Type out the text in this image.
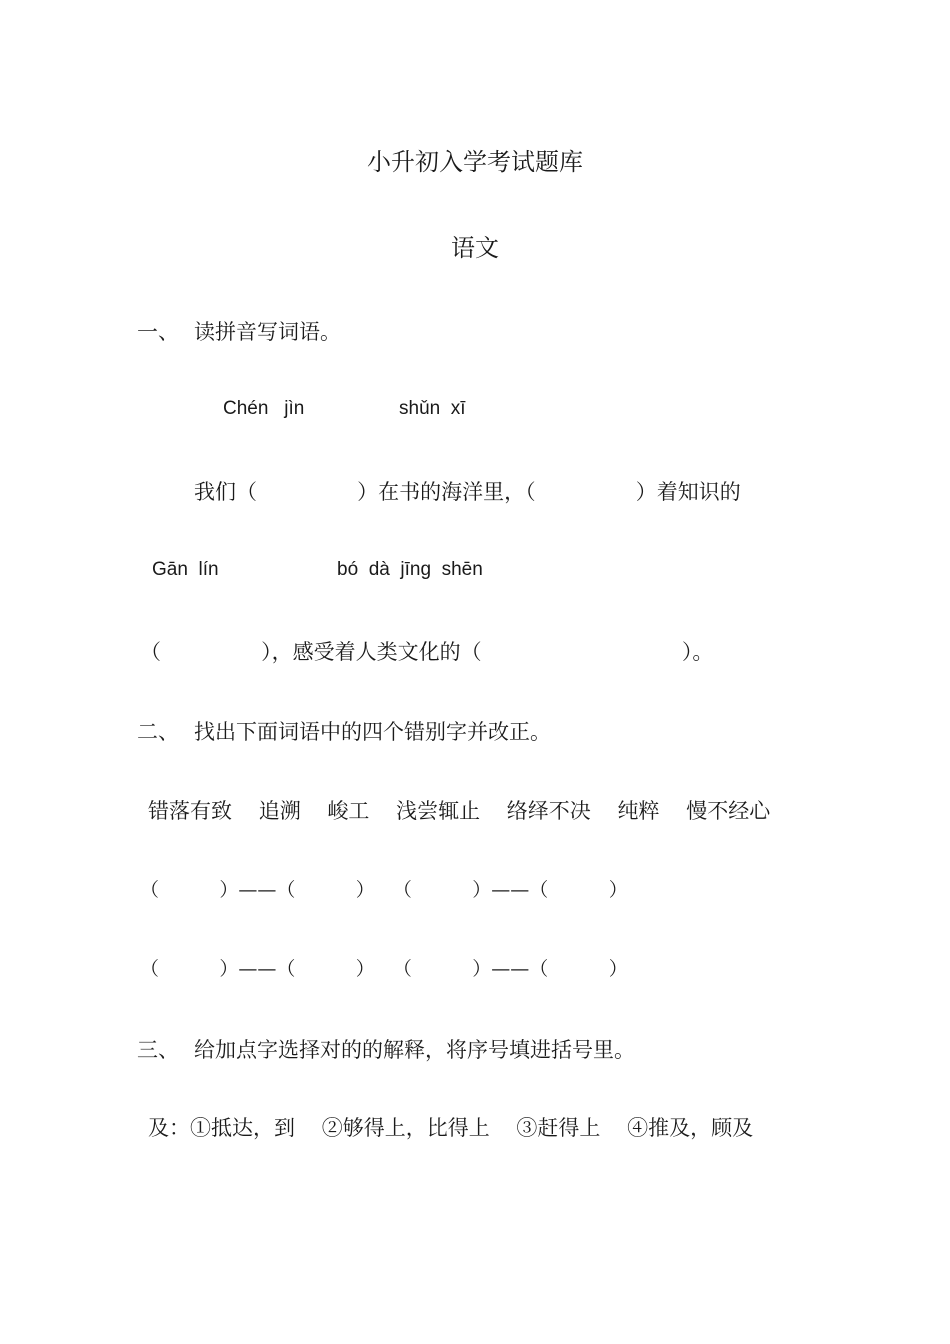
小升初入学考试题库
语文
一、 读拼音写词语。
Chén   jìn	shǔn  xī
我们（               ）在书的海洋里，（               ）着知识的
Gān  lín	bó  dà  jīng  shēn
（               ），感受着人类文化的（                              ）。
二、 找出下面词语中的四个错别字并改正。
错落有致    追溯    峻工    浅尝辄止    络绎不决    纯粹    慢不经心
（          ）——（          ）   （          ）——（          ）
（          ）——（          ）   （          ）——（          ）
三、 给加点字选择对的的解释，将序号填进括号里。
及：①抵达，到    ②够得上，比得上    ③赶得上    ④推及，顾及
